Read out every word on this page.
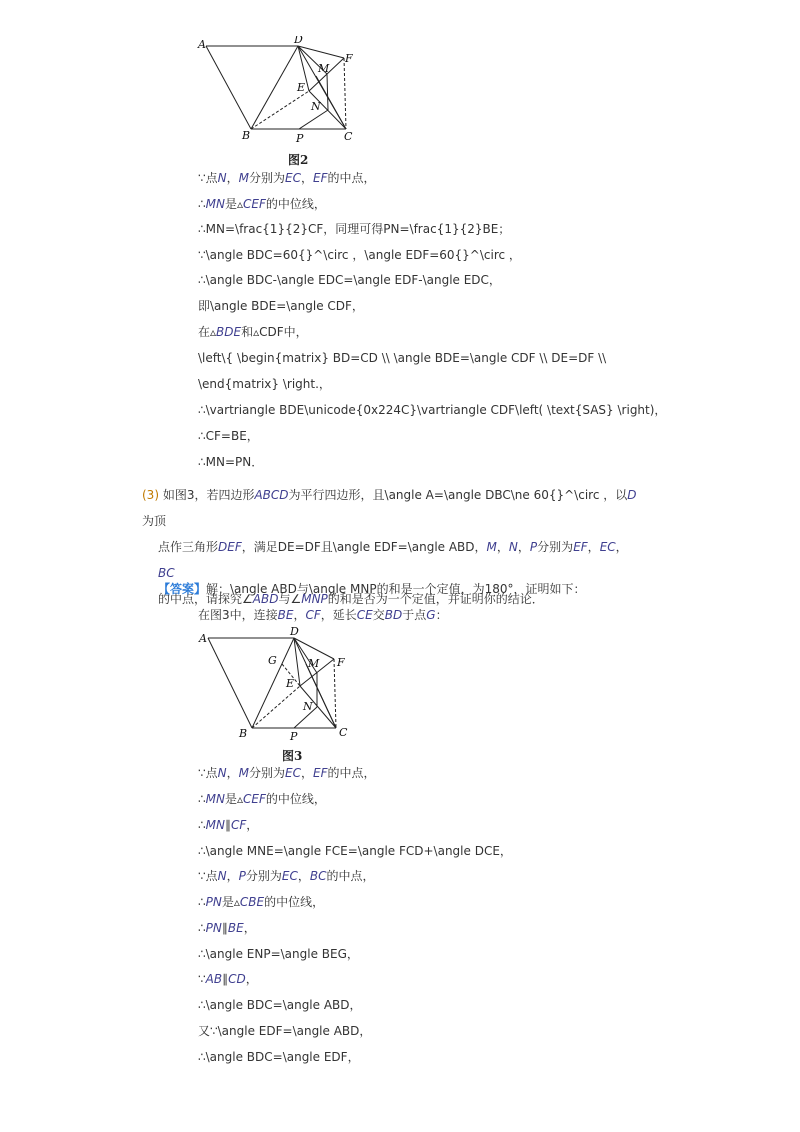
A	D
F
M
E
N
B	P	C
图2
∵点N，M分别为EC，EF的中点，
∴MN是▵CEF的中位线，
∴MN=\frac{1}{2}CF，同理可得PN=\frac{1}{2}BE；
∵\angle BDC=60{}^\circ ，\angle EDF=60{}^\circ ，
∴\angle BDC-\angle EDC=\angle EDF-\angle EDC，
即\angle BDE=\angle CDF，
在▵BDE和▵CDF中，
\left\{ \begin{matrix} BD=CD \\ \angle BDE=\angle CDF \\ DE=DF \\
\end{matrix} \right.，
∴\vartriangle BDE\unicode{0x224C}\vartriangle CDF\left( \text{SAS} \right)，
∴CF=BE，
∴MN=PN．
(3) 如图3，若四边形ABCD为平行四边形，且\angle A=\angle DBC\ne 60{}^\circ ，以D为顶
点作三角形DEF，满足DE=DF且\angle EDF=\angle ABD，M，N，P分别为EF，EC，BC
的中点，请探究∠ABD与∠MNP的和是否为一个定值，并证明你的结论．
【答案】解：\angle ABD与\angle MNP的和是一个定值，为180°．证明如下：
在图3中，连接BE，CF，延长CE交BD于点G：
A
D
G	M F
E
N
B	P	C
图3
∵点N，M分别为EC，EF的中点，
∴MN是▵CEF的中位线，
∴MN∥CF，
∴\angle MNE=\angle FCE=\angle FCD+\angle DCE，
∵点N，P分别为EC，BC的中点，
∴PN是▵CBE的中位线，
∴PN∥BE，
∴\angle ENP=\angle BEG，
∵AB∥CD，
∴\angle BDC=\angle ABD，
又∵\angle EDF=\angle ABD，
∴\angle BDC=\angle EDF，
